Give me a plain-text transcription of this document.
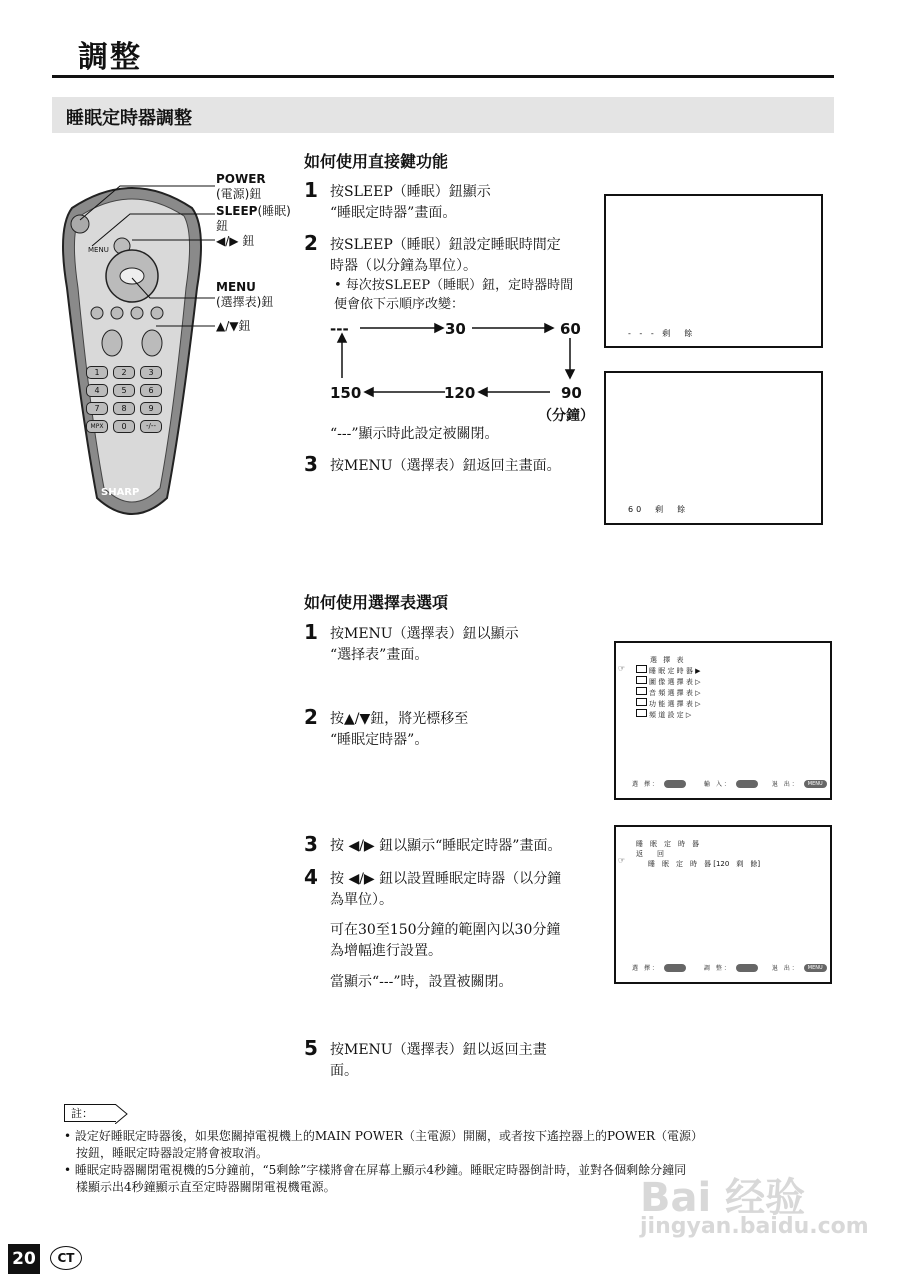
調整
睡眠定時器調整
MENU
1	2	3
4	5	6
7	8	9
MPX	0	-/--
SHARP
POWER
(電源)鈕
SLEEP(睡眠)
鈕
◀/▶ 鈕
MENU
(選擇表)鈕
▲/▼鈕
如何使用直接鍵功能
1 按SLEEP（睡眠）鈕顯示
“睡眠定時器”畫面。
2 按SLEEP（睡眠）鈕設定睡眠時間定
時器（以分鐘為單位）。
• 每次按SLEEP（睡眠）鈕，定時器時間
便會依下示順序改變：
---	30	60
90
120
150
（分鐘）
“---”顯示時此設定被關閉。
3 按MENU（選擇表）鈕返回主畫面。
- - - 剩　餘
60　剩　餘
如何使用選擇表選項
1 按MENU（選擇表）鈕以顯示
“選择表”畫面。
2 按▲/▼鈕，將光標移至
“睡眠定時器”。
3 按 ◀/▶ 鈕以顯示“睡眠定時器”畫面。
4 按 ◀/▶ 鈕以設置睡眠定時器（以分鐘
為單位）。
可在30至150分鐘的範圍內以30分鐘
為增幅進行設置。
當顯示“---”時，設置被關閉。
5 按MENU（選擇表）鈕以返回主畫
面。
選 擇 表
☞	睡 眠 定 時 器 ▶
圖 像 選 擇 表 ▷
音 頻 選 擇 表 ▷
功 能 選 擇 表 ▷
頻 道 設 定 ▷
選　擇 ：	輸　入 ：	退　出 ：	MENU
睡　眠　定　時　器
返　　回
☞	睡　眠　定　時　器 [120　剩　餘]
選　擇 ：	調　整 ：	退　出 ：	MENU
註：
• 設定好睡眠定時器後，如果您關掉電視機上的MAIN POWER（主電源）開關，或者按下遙控器上的POWER（電源）
　按鈕，睡眠定時器設定將會被取消。
• 睡眠定時器關閉電視機的5分鐘前，“5剩餘”字樣將會在屏幕上顯示4秒鐘。睡眠定時器倒計時，並對各個剩餘分鐘同
　樣顯示出4秒鐘顯示直至定時器關閉電視機電源。
20	CT
Bai 经验
jingyan.baidu.com
